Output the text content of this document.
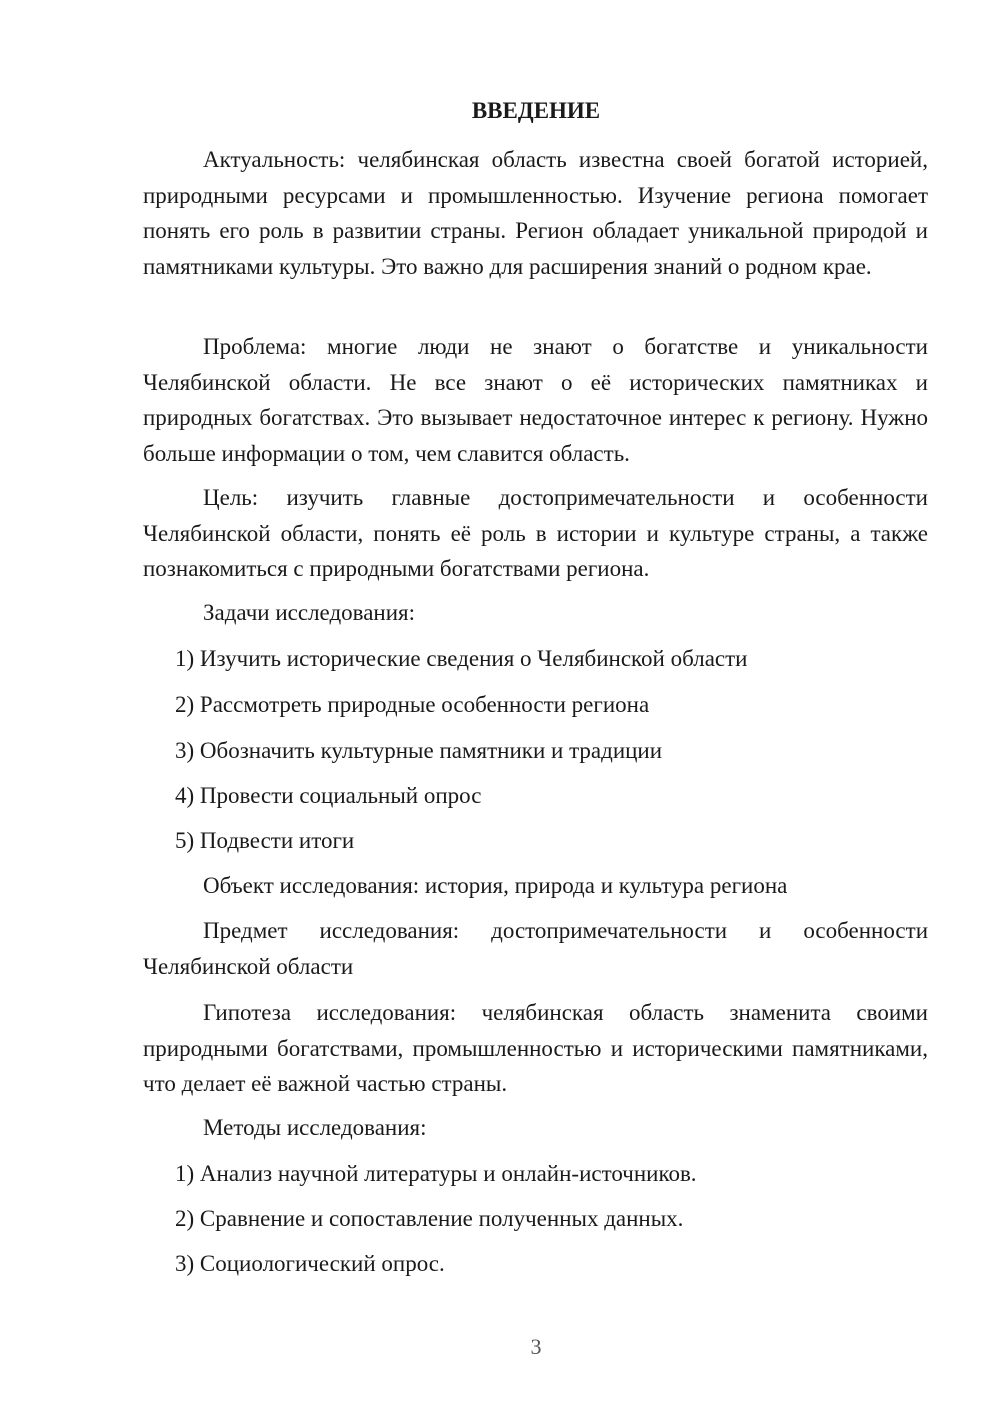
ВВЕДЕНИЕ

Актуальность: челябинская область известна своей богатой историей, природными ресурсами и промышленностью. Изучение региона помогает понять его роль в развитии страны. Регион обладает уникальной природой и памятниками культуры. Это важно для расширения знаний о родном крае.

Проблема: многие люди не знают о богатстве и уникальности Челябинской области. Не все знают о её исторических памятниках и природных богатствах. Это вызывает недостаточное интерес к региону. Нужно больше информации о том, чем славится область.

Цель: изучить главные достопримечательности и особенности Челябинской области, понять её роль в истории и культуре страны, а также познакомиться с природными богатствами региона.

Задачи исследования:
1) Изучить исторические сведения о Челябинской области
2) Рассмотреть природные особенности региона
3) Обозначить культурные памятники и традиции
4) Провести социальный опрос
5) Подвести итоги
Объект исследования: история, природа и культура региона

Предмет исследования: достопримечательности и особенности Челябинской области

Гипотеза исследования: челябинская область знаменита своими природными богатствами, промышленностью и историческими памятниками, что делает её важной частью страны.

Методы исследования:
1) Анализ научной литературы и онлайн-источников.
2) Сравнение и сопоставление полученных данных.
3) Социологический опрос.
3
